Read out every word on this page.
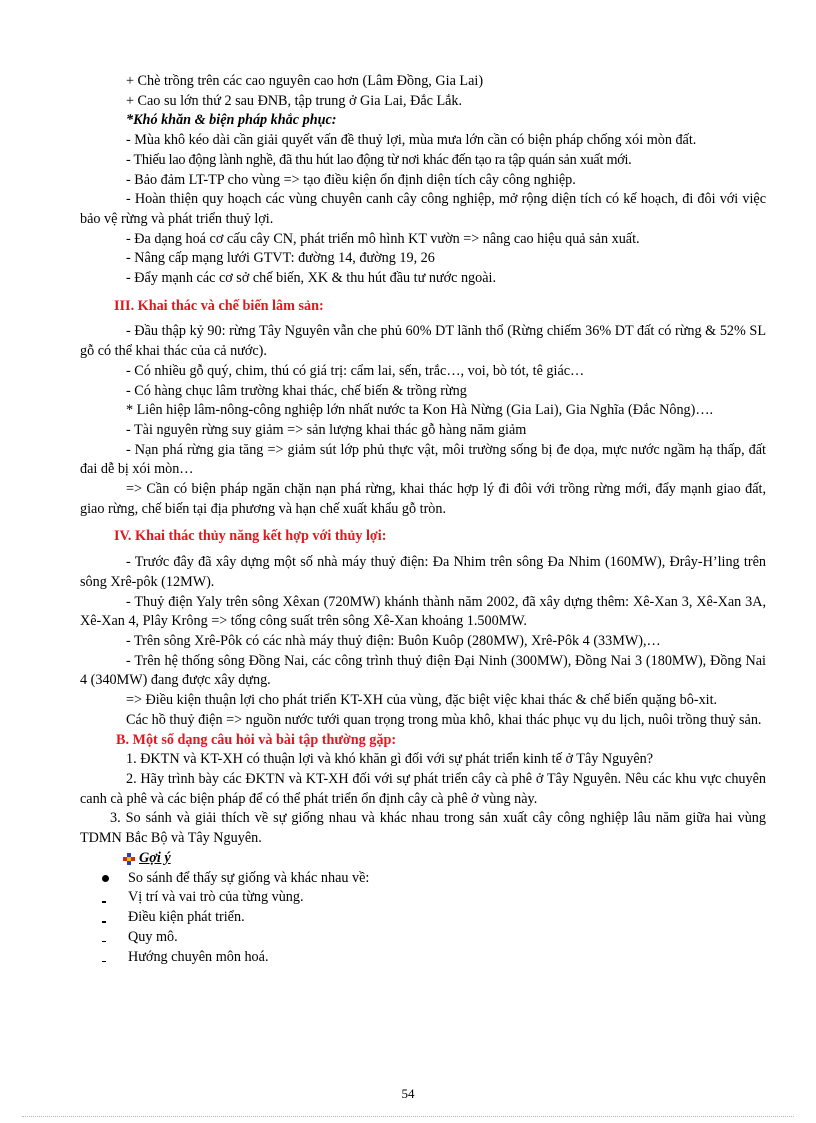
+ Chè trồng trên các cao nguyên cao hơn (Lâm Đồng, Gia Lai)

+ Cao su lớn thứ 2 sau ĐNB, tập trung ở Gia Lai, Đắc Lắk.

*Khó khăn & biện pháp khắc phục:

- Mùa khô kéo dài cần giải quyết vấn đề thuỷ lợi, mùa mưa lớn cần có biện pháp chống xói mòn đất.

- Thiếu lao động lành nghề, đã thu hút lao động từ nơi khác đến tạo ra tập quán sản xuất mới.

- Bảo đảm LT-TP cho vùng => tạo điều kiện ổn định diện tích cây công nghiệp.

- Hoàn thiện quy hoạch các vùng chuyên canh cây công nghiệp, mở rộng diện tích có kế hoạch, đi đôi với việc bảo vệ rừng và phát triển thuỷ lợi.

- Đa dạng hoá cơ cấu cây CN, phát triển mô hình KT vườn => nâng cao hiệu quả sản xuất.

- Nâng cấp mạng lưới GTVT: đường 14, đường 19, 26

- Đẩy mạnh các cơ sở chế biến, XK & thu hút đầu tư nước ngoài.

III. Khai thác và chế biến lâm sản:

- Đầu thập kỷ 90: rừng Tây Nguyên vẫn che phủ 60% DT lãnh thổ (Rừng chiếm 36% DT đất có rừng & 52% SL gỗ có thể khai thác của cả nước).

- Có nhiều gỗ quý, chim, thú có giá trị: cẩm lai, sến, trắc…, voi, bò tót, tê giác…

- Có hàng chục lâm trường khai thác, chế biến & trồng rừng

* Liên hiệp lâm-nông-công nghiệp lớn nhất nước ta Kon Hà Nừng (Gia Lai), Gia Nghĩa (Đắc Nông)….

- Tài nguyên rừng suy giảm => sản lượng khai thác gỗ hàng năm giảm

- Nạn phá rừng gia tăng => giảm sút lớp phủ thực vật, môi trường sống bị đe dọa, mực nước ngầm hạ thấp, đất đai dễ bị xói mòn…

=> Cần có biện pháp ngăn chặn nạn phá rừng, khai thác hợp lý đi đôi với trồng rừng mới, đẩy mạnh giao đất, giao rừng, chế biến tại địa phương và hạn chế xuất khẩu gỗ tròn.

IV. Khai thác thủy năng kết hợp với thủy lợi:

- Trước đây đã xây dựng một số nhà máy thuỷ điện: Đa Nhim trên sông Đa Nhim (160MW), Đrây-H’ling trên sông Xrê-pôk (12MW).

- Thuỷ điện Yaly trên sông Xêxan (720MW) khánh thành năm 2002, đã xây dựng thêm: Xê-Xan 3, Xê-Xan 3A, Xê-Xan 4, Plây Krông => tổng công suất trên sông Xê-Xan khoảng 1.500MW.

- Trên sông Xrê-Pôk có các nhà máy thuỷ điện: Buôn Kuôp (280MW), Xrê-Pôk 4 (33MW),…

- Trên hệ thống sông Đồng Nai, các công trình thuỷ điện Đại Ninh (300MW), Đồng Nai 3 (180MW), Đồng Nai 4 (340MW) đang được xây dựng.

=> Điều kiện thuận lợi cho phát triển KT-XH của vùng, đặc biệt việc khai thác & chế biến quặng bô-xit.

Các hồ thuỷ điện => nguồn nước tưới quan trọng trong mùa khô, khai thác phục vụ du lịch, nuôi trồng thuỷ sản.

B. Một số dạng câu hỏi và bài tập thường gặp:

1. ĐKTN và KT-XH có thuận lợi và khó khăn gì đối với sự phát triển kinh tế ở Tây Nguyên?

2. Hãy trình bày các ĐKTN và KT-XH đối với sự phát triển cây cà phê ở Tây Nguyên. Nêu các khu vực chuyên canh cà phê và các biện pháp để có thể phát triển ổn định cây cà phê ở vùng này.

3. So sánh và giải thích về sự giống nhau và khác nhau trong sản xuất cây công nghiệp lâu năm giữa hai vùng TDMN Bắc Bộ và Tây Nguyên.

Gợi ý
So sánh để thấy sự giống và khác nhau về:
Vị trí và vai trò của từng vùng.
Điều kiện phát triển.
Quy mô.
Hướng chuyên môn hoá.
54
